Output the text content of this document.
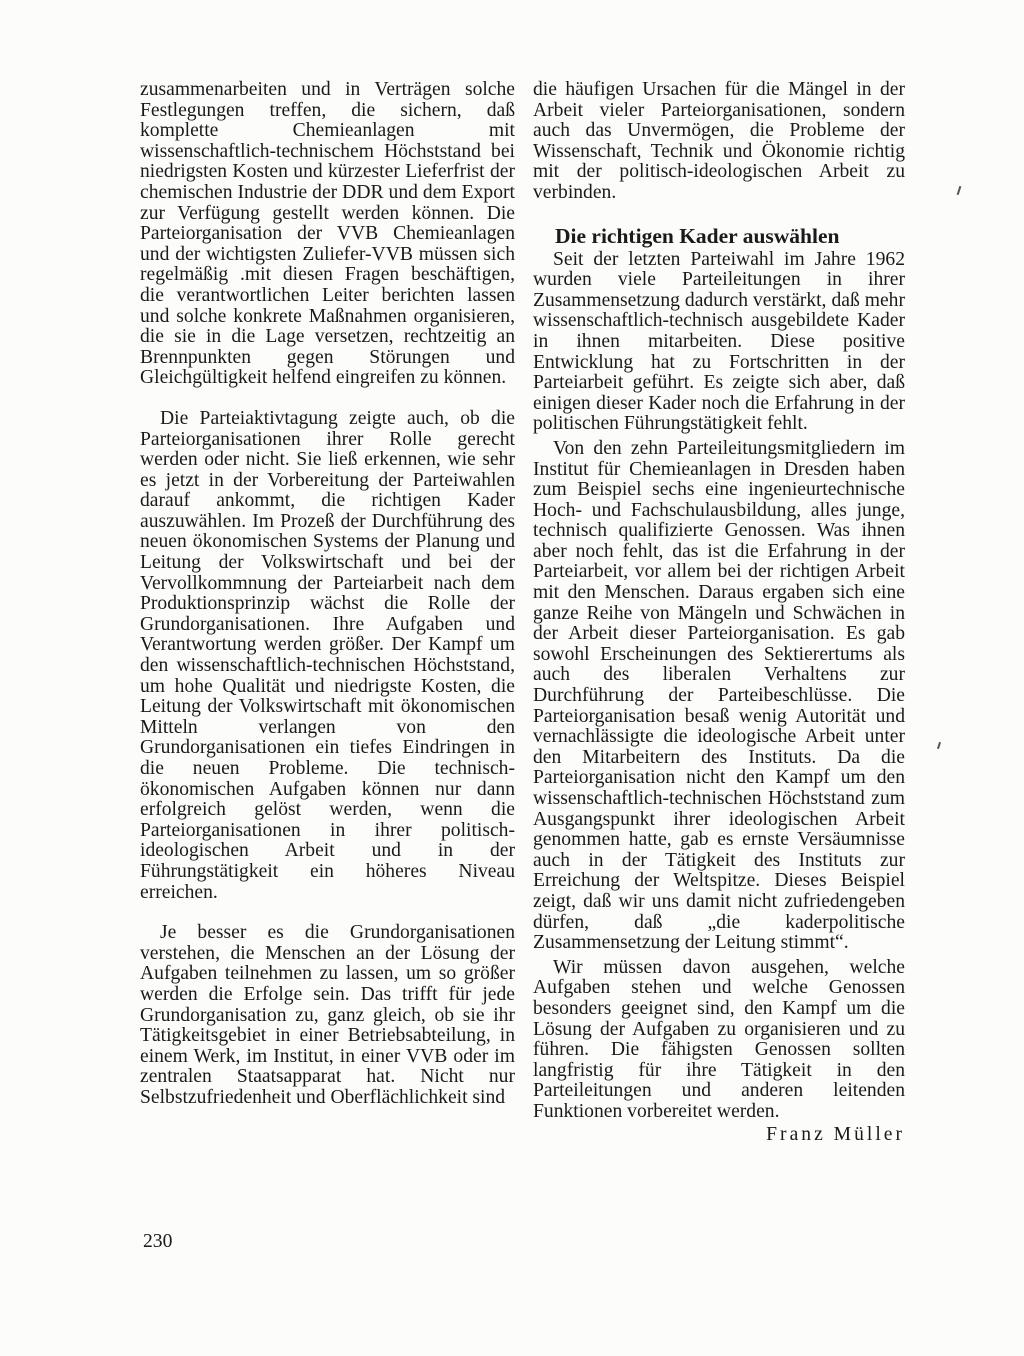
zusammenarbeiten und in Verträgen solche Festlegungen treffen, die sichern, daß komplette Chemieanlagen mit wissenschaftlich-technischem Höchststand bei niedrigsten Kosten und kürzester Lieferfrist der chemischen Industrie der DDR und dem Export zur Verfügung gestellt werden können. Die Parteiorganisation der VVB Chemieanlagen und der wichtigsten Zuliefer-VVB müssen sich regelmäßig .mit diesen Fragen beschäftigen, die verantwortlichen Leiter berichten lassen und solche konkrete Maßnahmen organisieren, die sie in die Lage versetzen, rechtzeitig an Brennpunkten gegen Störungen und Gleichgültigkeit helfend eingreifen zu können.

Die Parteiaktivtagung zeigte auch, ob die Parteiorganisationen ihrer Rolle gerecht werden oder nicht. Sie ließ erkennen, wie sehr es jetzt in der Vorbereitung der Parteiwahlen darauf ankommt, die richtigen Kader auszuwählen. Im Prozeß der Durchführung des neuen ökonomischen Systems der Planung und Leitung der Volkswirtschaft und bei der Vervollkommnung der Parteiarbeit nach dem Produktionsprinzip wächst die Rolle der Grundorganisationen. Ihre Aufgaben und Verantwortung werden größer. Der Kampf um den wissenschaftlich-technischen Höchststand, um hohe Qualität und niedrigste Kosten, die Leitung der Volkswirtschaft mit ökonomischen Mitteln verlangen von den Grundorganisationen ein tiefes Eindringen in die neuen Probleme. Die technisch-ökonomischen Aufgaben können nur dann erfolgreich gelöst werden, wenn die Parteiorganisationen in ihrer politisch-ideologischen Arbeit und in der Führungstätigkeit ein höheres Niveau erreichen.

Je besser es die Grundorganisationen verstehen, die Menschen an der Lösung der Aufgaben teilnehmen zu lassen, um so größer werden die Erfolge sein. Das trifft für jede Grundorganisation zu, ganz gleich, ob sie ihr Tätigkeitsgebiet in einer Betriebsabteilung, in einem Werk, im Institut, in einer VVB oder im zentralen Staatsapparat hat. Nicht nur Selbstzufriedenheit und Oberflächlichkeit sind

die häufigen Ursachen für die Mängel in der Arbeit vieler Parteiorganisationen, sondern auch das Unvermögen, die Probleme der Wissenschaft, Technik und Ökonomie richtig mit der politisch-ideologischen Arbeit zu verbinden.

Die richtigen Kader auswählen

Seit der letzten Parteiwahl im Jahre 1962 wurden viele Parteileitungen in ihrer Zusammensetzung dadurch verstärkt, daß mehr wissenschaftlich-technisch ausgebildete Kader in ihnen mitarbeiten. Diese positive Entwicklung hat zu Fortschritten in der Parteiarbeit geführt. Es zeigte sich aber, daß einigen dieser Kader noch die Erfahrung in der politischen Führungstätigkeit fehlt.

Von den zehn Parteileitungsmitgliedern im Institut für Chemieanlagen in Dresden haben zum Beispiel sechs eine ingenieurtechnische Hoch- und Fachschulausbildung, alles junge, technisch qualifizierte Genossen. Was ihnen aber noch fehlt, das ist die Erfahrung in der Parteiarbeit, vor allem bei der richtigen Arbeit mit den Menschen. Daraus ergaben sich eine ganze Reihe von Mängeln und Schwächen in der Arbeit dieser Parteiorganisation. Es gab sowohl Erscheinungen des Sektierertums als auch des liberalen Verhaltens zur Durchführung der Parteibeschlüsse. Die Parteiorganisation besaß wenig Autorität und vernachlässigte die ideologische Arbeit unter den Mitarbeitern des Instituts. Da die Parteiorganisation nicht den Kampf um den wissenschaftlich-technischen Höchststand zum Ausgangspunkt ihrer ideologischen Arbeit genommen hatte, gab es ernste Versäumnisse auch in der Tätigkeit des Instituts zur Erreichung der Weltspitze. Dieses Beispiel zeigt, daß wir uns damit nicht zufriedengeben dürfen, daß „die kaderpolitische Zusammensetzung der Leitung stimmt“.

Wir müssen davon ausgehen, welche Aufgaben stehen und welche Genossen besonders geeignet sind, den Kampf um die Lösung der Aufgaben zu organisieren und zu führen. Die fähigsten Genossen sollten langfristig für ihre Tätigkeit in den Parteileitungen und anderen leitenden Funktionen vorbereitet werden.

Franz Müller
230
